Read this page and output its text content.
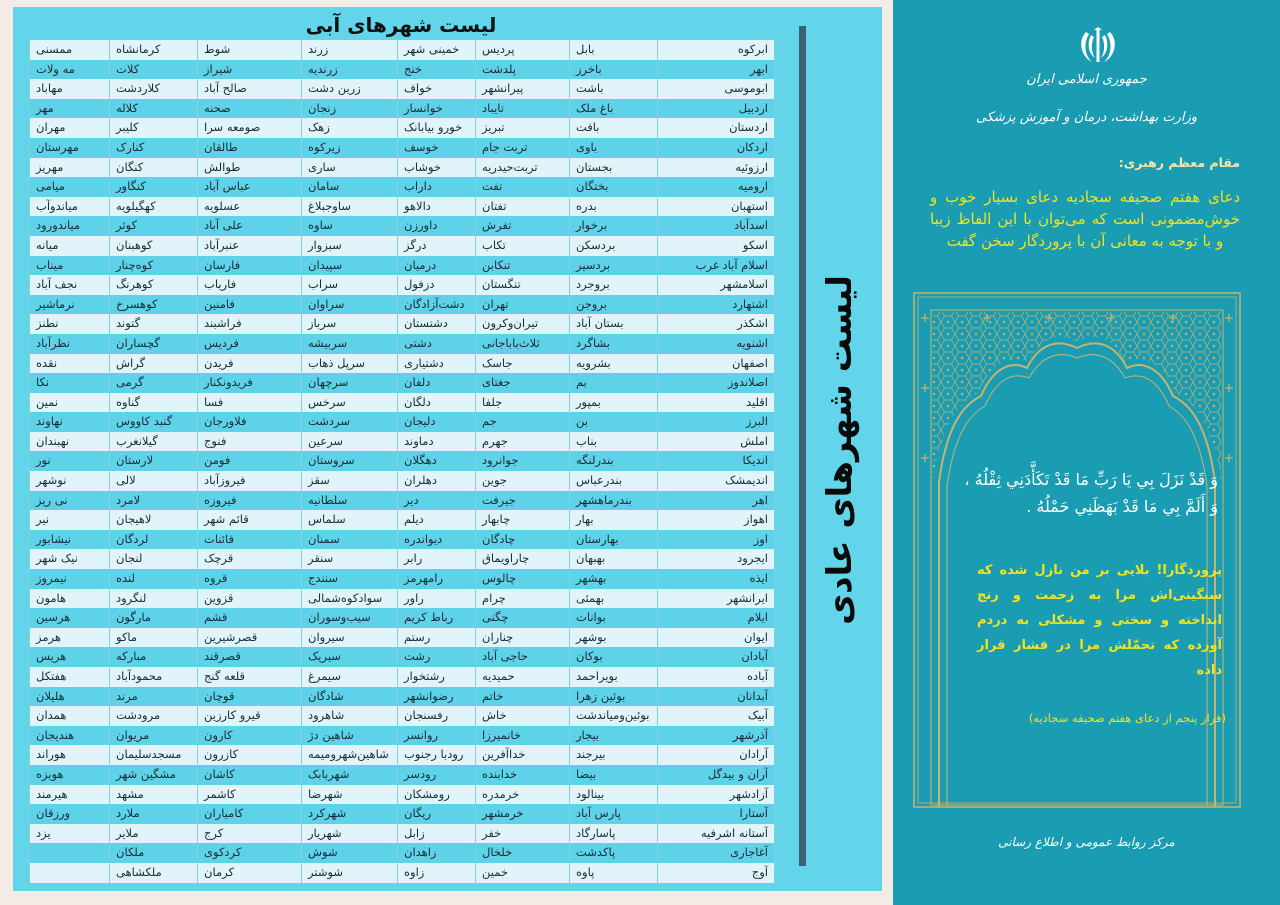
لیست شهرهای آبی
ابرکوه	بابل	پردیس	خمینی شهر	زرند	شوط	کرمانشاه	ممسنی
ابهر	باخرز	پلدشت	خنج	زرندیه	شیراز	کلات	مه ولات
ابوموسی	باشت	پیرانشهر	خواف	زرین دشت	صالح آباد	کلاردشت	مهاباد
اردبیل	باغ ملک	تایباد	خوانسار	زنجان	صحنه	کلاله	مهر
اردستان	بافت	تبریز	خورو بیابانک	زهک	صومعه سرا	کلیبر	مهران
اردکان	باوی	تربت جام	خوسف	زیرکوه	طالقان	کنارک	مهرستان
ارزوئیه	بجستان	تربت‌حیدریه	خوشاب	ساری	طوالش	کنگان	مهریز
ارومیه	بختگان	تفت	داراب	سامان	عباس آباد	کنگاور	میامی
استهبان	بدره	تفتان	دالاهو	ساوجبلاغ	عسلویه	کهگیلویه	میاندوآب
اسدآباد	برخوار	تفرش	داورزن	ساوه	علی آباد	کوثر	میاندورود
اسکو	بردسکن	تکاب	درگز	سبزوار	عنبرآباد	کوهبنان	میانه
اسلام آباد غرب	بردسیر	تنکابن	درمیان	سپیدان	فارسان	کوه‌چنار	میناب
اسلامشهر	بروجرد	تنگستان	دزفول	سراب	فاریاب	کوهرنگ	نجف آباد
اشتهارد	بروجن	تهران	دشت‌آزادگان	سراوان	فامنین	کوهسرخ	نرماشیر
اشکذر	بستان آباد	تیران‌وکرون	دشتستان	سرباز	فراشبند	گتوند	نطنز
اشنویه	بشاگرد	ثلاث‌باباجانی	دشتی	سربیشه	فردیس	گچساران	نظرآباد
اصفهان	بشرویه	جاسک	دشتیاری	سرپل ذهاب	فریدن	گراش	نقده
اصلاندوز	بم	جغتای	دلفان	سرچهان	فریدونکنار	گرمی	نکا
اقلید	بمپور	جلفا	دلگان	سرخس	فسا	گناوه	نمین
البرز	بن	جم	دلیجان	سردشت	فلاورجان	گنبد کاووس	نهاوند
املش	بناب	جهرم	دماوند	سرعین	فنوج	گیلانغرب	نهبندان
اندیکا	بندرلنگه	جوانرود	دهگلان	سروستان	فومن	لارستان	نور
اندیمشک	بندرعباس	جوین	دهلران	سقز	فیروزآباد	لالی	نوشهر
اهر	بندرماهشهر	جیرفت	دیر	سلطانیه	فیروزه	لامرد	نی ریز
اهواز	بهار	چابهار	دیلم	سلماس	قائم شهر	لاهیجان	نیر
اوز	بهارستان	چادگان	دیواندره	سمنان	قائنات	لردگان	نیشابور
ایجرود	بهبهان	چاراویماق	رابر	سنقر	قرچک	لنجان	نیک شهر
ایذه	بهشهر	چالوس	رامهرمز	سنندج	قروه	لنده	نیمروز
ایرانشهر	بهمئی	چرام	راور	سوادکوه‌شمالی	قزوین	لنگرود	هامون
ایلام	بوانات	چگنی	رباط کریم	سیب‌وسوران	قشم	مارگون	هرسین
ایوان	بوشهر	چناران	رستم	سیروان	قصرشیرین	ماکو	هرمز
آبادان	بوکان	حاجی آباد	رشت	سیریک	قصرقند	مبارکه	هریس
آباده	بویراحمد	حمیدیه	رشتخوار	سیمرغ	قلعه گنج	محمودآباد	هفتکل
آبدانان	بوئین زهرا	خاتم	رضوانشهر	شادگان	قوچان	مرند	هلیلان
آبیک	بوئین‌ومیاندشت	خاش	رفسنجان	شاهرود	قیرو کارزین	مرودشت	همدان
آذرشهر	بیجار	خانمیرزا	روانسر	شاهین دژ	کارون	مریوان	هندیجان
آرادان	بیرجند	خداآفرین	رودبا رجنوب	شاهین‌شهرومیمه	کازرون	مسجدسلیمان	هوراند
آران و بیدگل	بیضا	خدابنده	رودسر	شهربابک	کاشان	مشگین شهر	هویزه
آزادشهر	بینالود	خرمدره	رومشکان	شهرضا	کاشمر	مشهد	هیرمند
آستارا	پارس آباد	خرمشهر	ریگان	شهرکرد	کامیاران	ملارد	ورزقان
آستانه اشرفیه	پاسارگاد	خفر	زابل	شهریار	کرج	ملایر	یزد
آغاجاری	پاکدشت	خلخال	زاهدان	شوش	کردکوی	ملکان	
آوج	پاوه	خمین	زاوه	شوشتر	کرمان	ملکشاهی	
لیست شهرهای عادی
جمهوری اسلامی ایران
وزارت بهداشت، درمان و آموزش پزشکی
مقام معظم رهبری:
دعای هفتم صحیفه سجادیه دعای بسیار خوب و خوش‌مضمونی است که می‌توان با این الفاظ زیبا و با توجه به معانی آن با پروردگار سخن گفت
وَ قَدْ نَزَلَ بِي يَا رَبِّ مَا قَدْ تَكَأَّدَنِي ثِقْلُهُ ، وَ أَلَمَّ بِي مَا قَدْ بَهَظَنِي حَمْلُهُ .
پروردگارا! بلایی بر من نازل شده که سنگینی‌اش مرا به زحمت و رنج انداخته و سختی و مشکلی به دردم آورده که تحمّلش مرا در فشار قرار داده
(فراز پنجم از دعای هفتم صحیفه سجادیه)
مرکز روابط عمومی و اطلاع رسانی
